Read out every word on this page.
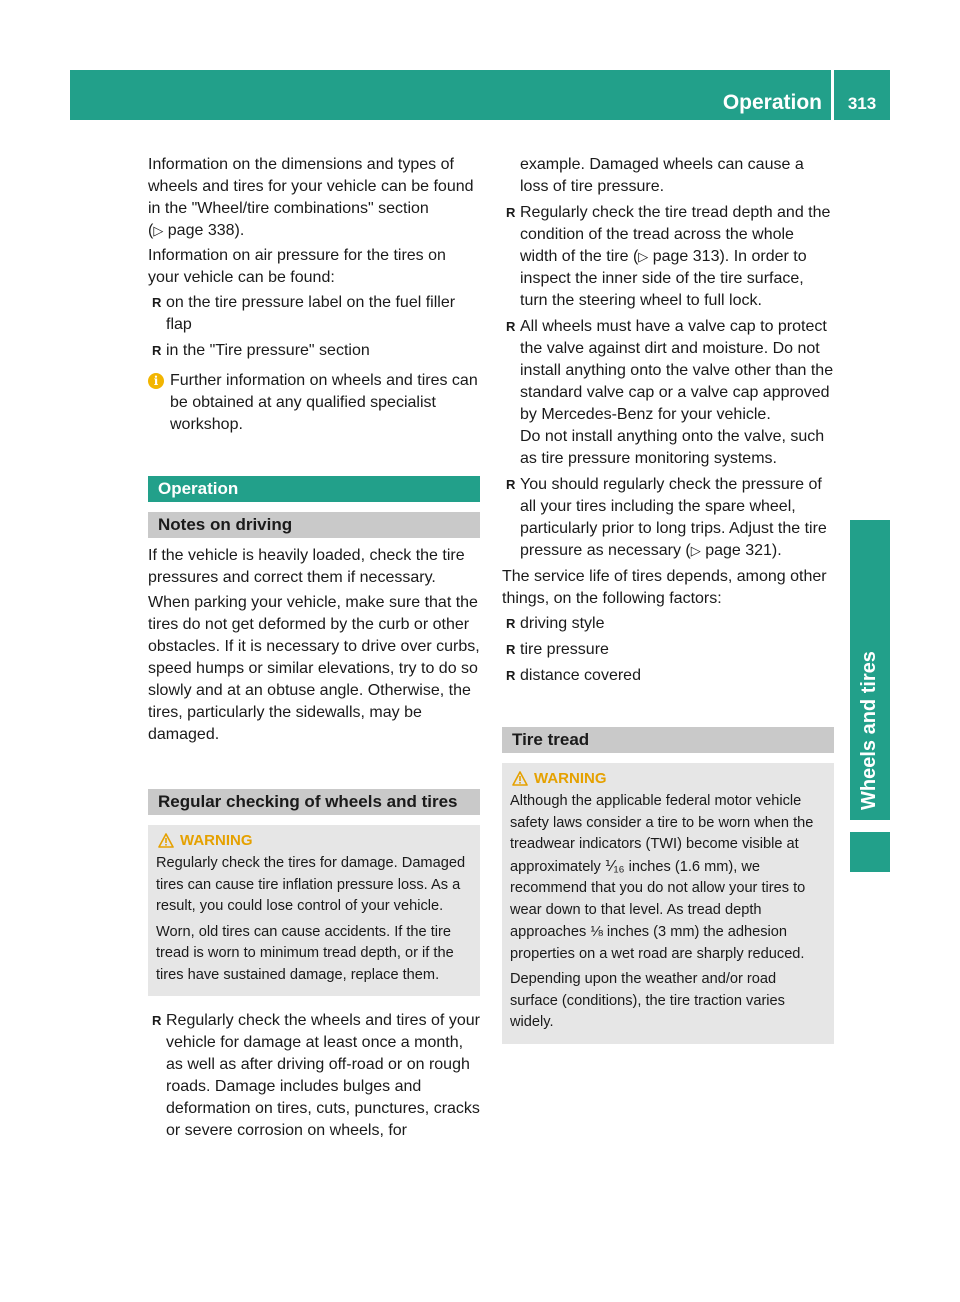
Operation	313
Wheels and tires

Information on the dimensions and types of wheels and tires for your vehicle can be found in the "Wheel/tire combinations" section
(▷ page 338).

Information on air pressure for the tires on your vehicle can be found:

R on the tire pressure label on the fuel filler flap
R in the "Tire pressure" section
i Further information on wheels and tires can be obtained at any qualified specialist workshop.
Operation
Notes on driving

If the vehicle is heavily loaded, check the tire pressures and correct them if necessary.

When parking your vehicle, make sure that the tires do not get deformed by the curb or other obstacles. If it is necessary to drive over curbs, speed humps or similar elevations, try to do so slowly and at an obtuse angle. Otherwise, the tires, particularly the sidewalls, may be damaged.

Regular checking of wheels and tires
WARNING

Regularly check the tires for damage. Damaged tires can cause tire inflation pressure loss. As a result, you could lose control of your vehicle.

Worn, old tires can cause accidents. If the tire tread is worn to minimum tread depth, or if the tires have sustained damage, replace them.

R Regularly check the wheels and tires of your vehicle for damage at least once a month, as well as after driving off-road or on rough roads. Damage includes bulges and deformation on tires, cuts, punctures, cracks or severe corrosion on wheels, for
example. Damaged wheels can cause a loss of tire pressure.
R Regularly check the tire tread depth and the condition of the tread across the whole width of the tire (▷ page 313). In order to inspect the inner side of the tire surface, turn the steering wheel to full lock.
R All wheels must have a valve cap to protect the valve against dirt and moisture. Do not install anything onto the valve other than the standard valve cap or a valve cap approved by Mercedes-Benz for your vehicle.
Do not install anything onto the valve, such as tire pressure monitoring systems.
R You should regularly check the pressure of all your tires including the spare wheel, particularly prior to long trips. Adjust the tire pressure as necessary (▷ page 321).

The service life of tires depends, among other things, on the following factors:

R driving style
R tire pressure
R distance covered
Tire tread
WARNING

Although the applicable federal motor vehicle safety laws consider a tire to be worn when the treadwear indicators (TWI) become visible at approximately ⅟₁₆ inches (1.6 mm), we recommend that you do not allow your tires to wear down to that level. As tread depth approaches ⅛ inches (3 mm) the adhesion properties on a wet road are sharply reduced.

Depending upon the weather and/or road surface (conditions), the tire traction varies widely.
